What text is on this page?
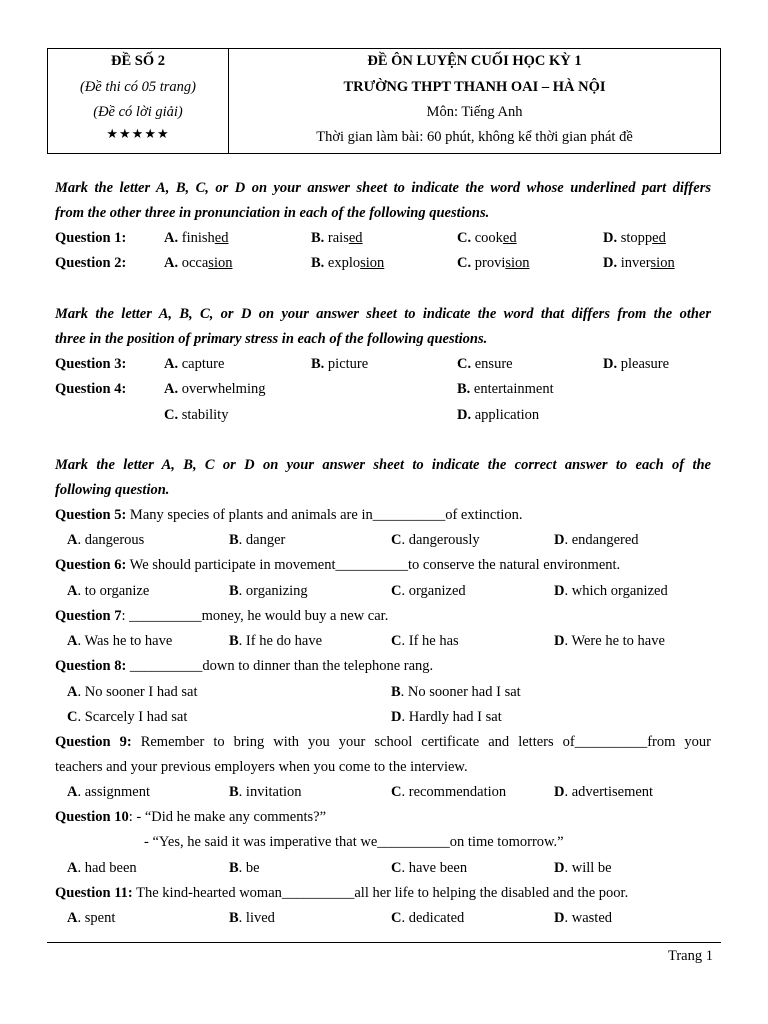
ĐỀ SỐ 2
(Đề thi có 05 trang)
(Đề có lời giải)
★★★★★
ĐỀ ÔN LUYỆN CUỐI HỌC KỲ 1
TRƯỜNG THPT THANH OAI – HÀ NỘI
Môn: Tiếng Anh
Thời gian làm bài: 60 phút, không kể thời gian phát đề
Mark the letter A, B, C, or D on your answer sheet to indicate the word whose underlined part differs
from the other three in pronunciation in each of the following questions.
Question 1:	A. finished	B. raised	C. cooked	D. stopped
Question 2:	A. occasion	B. explosion	C. provision	D. inversion
Mark the letter A, B, C, or D on your answer sheet to indicate the word that differs from the other
three in the position of primary stress in each of the following questions.
Question 3:	A. capture	B. picture	C. ensure	D. pleasure
Question 4:	A. overwhelming	B. entertainment
C. stability	D. application
Mark the letter A, B, C or D on your answer sheet to indicate the correct answer to each of the
following question.
Question 5: Many species of plants and animals are in__________of extinction.
A. dangerous	B. danger	C. dangerously	D. endangered
Question 6: We should participate in movement__________to conserve the natural environment.
A. to organize	B. organizing	C. organized	D. which organized
Question 7: __________money, he would buy a new car.
A. Was he to have	B. If he do have	C. If he has	D. Were he to have
Question 8: __________down to dinner than the telephone rang.
A. No sooner I had sat	B. No sooner had I sat
C. Scarcely I had sat	D. Hardly had I sat
Question 9: Remember to bring with you your school certificate and letters of__________from your
teachers and your previous employers when you come to the interview.
A. assignment	B. invitation	C. recommendation	D. advertisement
Question 10: - “Did he make any comments?”
- “Yes, he said it was imperative that we__________on time tomorrow.”
A. had been	B. be	C. have been	D. will be
Question 11: The kind-hearted woman__________all her life to helping the disabled and the poor.
A. spent	B. lived	C. dedicated	D. wasted
Trang 1
